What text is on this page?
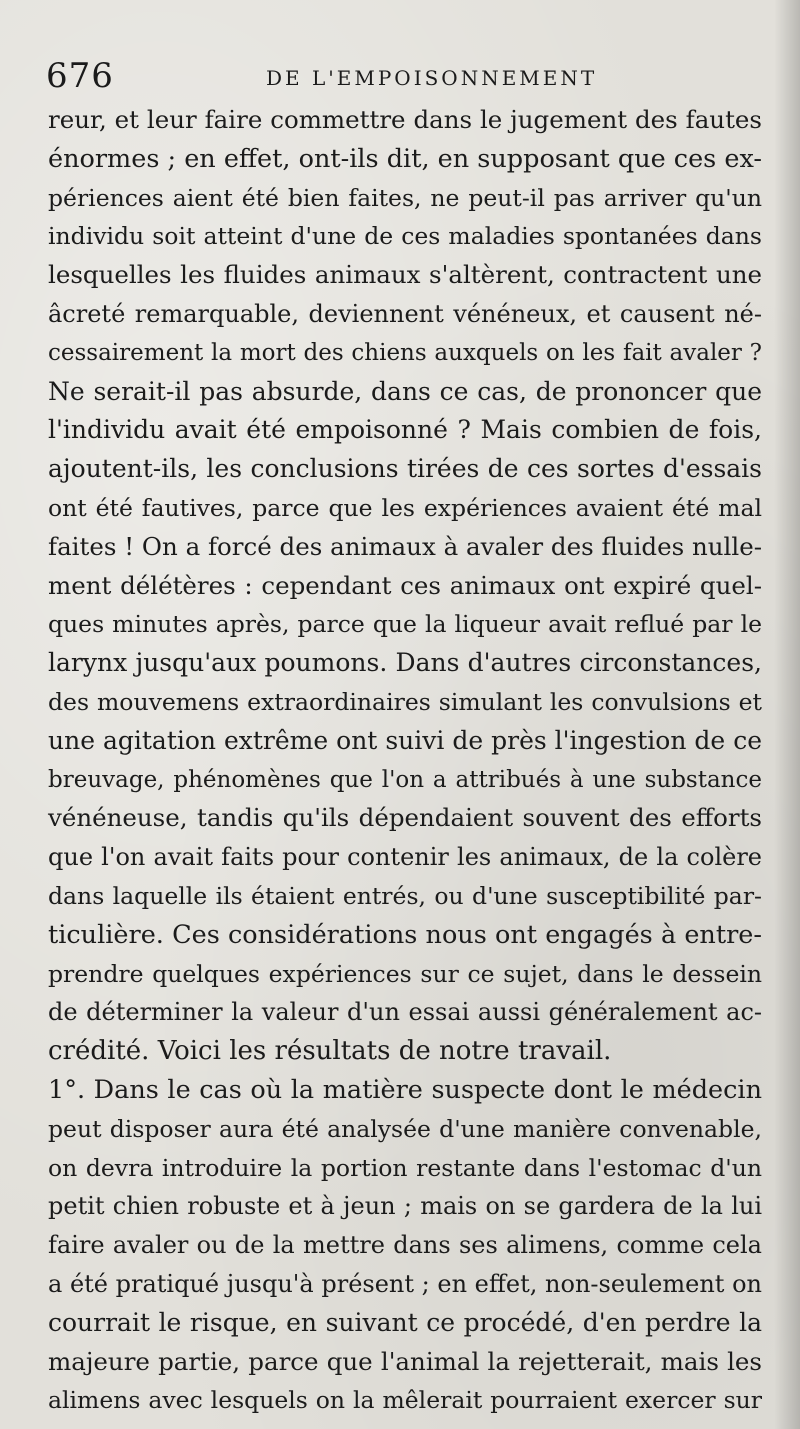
676	DE L'EMPOISONNEMENT
reur, et leur faire commettre dans le jugement des fautes
énormes ; en effet, ont-ils dit, en supposant que ces ex-
périences aient été bien faites, ne peut-il pas arriver qu'un
individu soit atteint d'une de ces maladies spontanées dans
lesquelles les fluides animaux s'altèrent, contractent une
âcreté remarquable, deviennent vénéneux, et causent né-
cessairement la mort des chiens auxquels on les fait avaler ?
Ne serait-il pas absurde, dans ce cas, de prononcer que
l'individu avait été empoisonné ? Mais combien de fois,
ajoutent-ils, les conclusions tirées de ces sortes d'essais
ont été fautives, parce que les expériences avaient été mal
faites ! On a forcé des animaux à avaler des fluides nulle-
ment délétères : cependant ces animaux ont expiré quel-
ques minutes après, parce que la liqueur avait reflué par le
larynx jusqu'aux poumons. Dans d'autres circonstances,
des mouvemens extraordinaires simulant les convulsions et
une agitation extrême ont suivi de près l'ingestion de ce
breuvage, phénomènes que l'on a attribués à une substance
vénéneuse, tandis qu'ils dépendaient souvent des efforts
que l'on avait faits pour contenir les animaux, de la colère
dans laquelle ils étaient entrés, ou d'une susceptibilité par-
ticulière. Ces considérations nous ont engagés à entre-
prendre quelques expériences sur ce sujet, dans le dessein
de déterminer la valeur d'un essai aussi généralement ac-
crédité. Voici les résultats de notre travail.
1°. Dans le cas où la matière suspecte dont le médecin
peut disposer aura été analysée d'une manière convenable,
on devra introduire la portion restante dans l'estomac d'un
petit chien robuste et à jeun ; mais on se gardera de la lui
faire avaler ou de la mettre dans ses alimens, comme cela
a été pratiqué jusqu'à présent ; en effet, non-seulement on
courrait le risque, en suivant ce procédé, d'en perdre la
majeure partie, parce que l'animal la rejetterait, mais les
alimens avec lesquels on la mêlerait pourraient exercer sur
